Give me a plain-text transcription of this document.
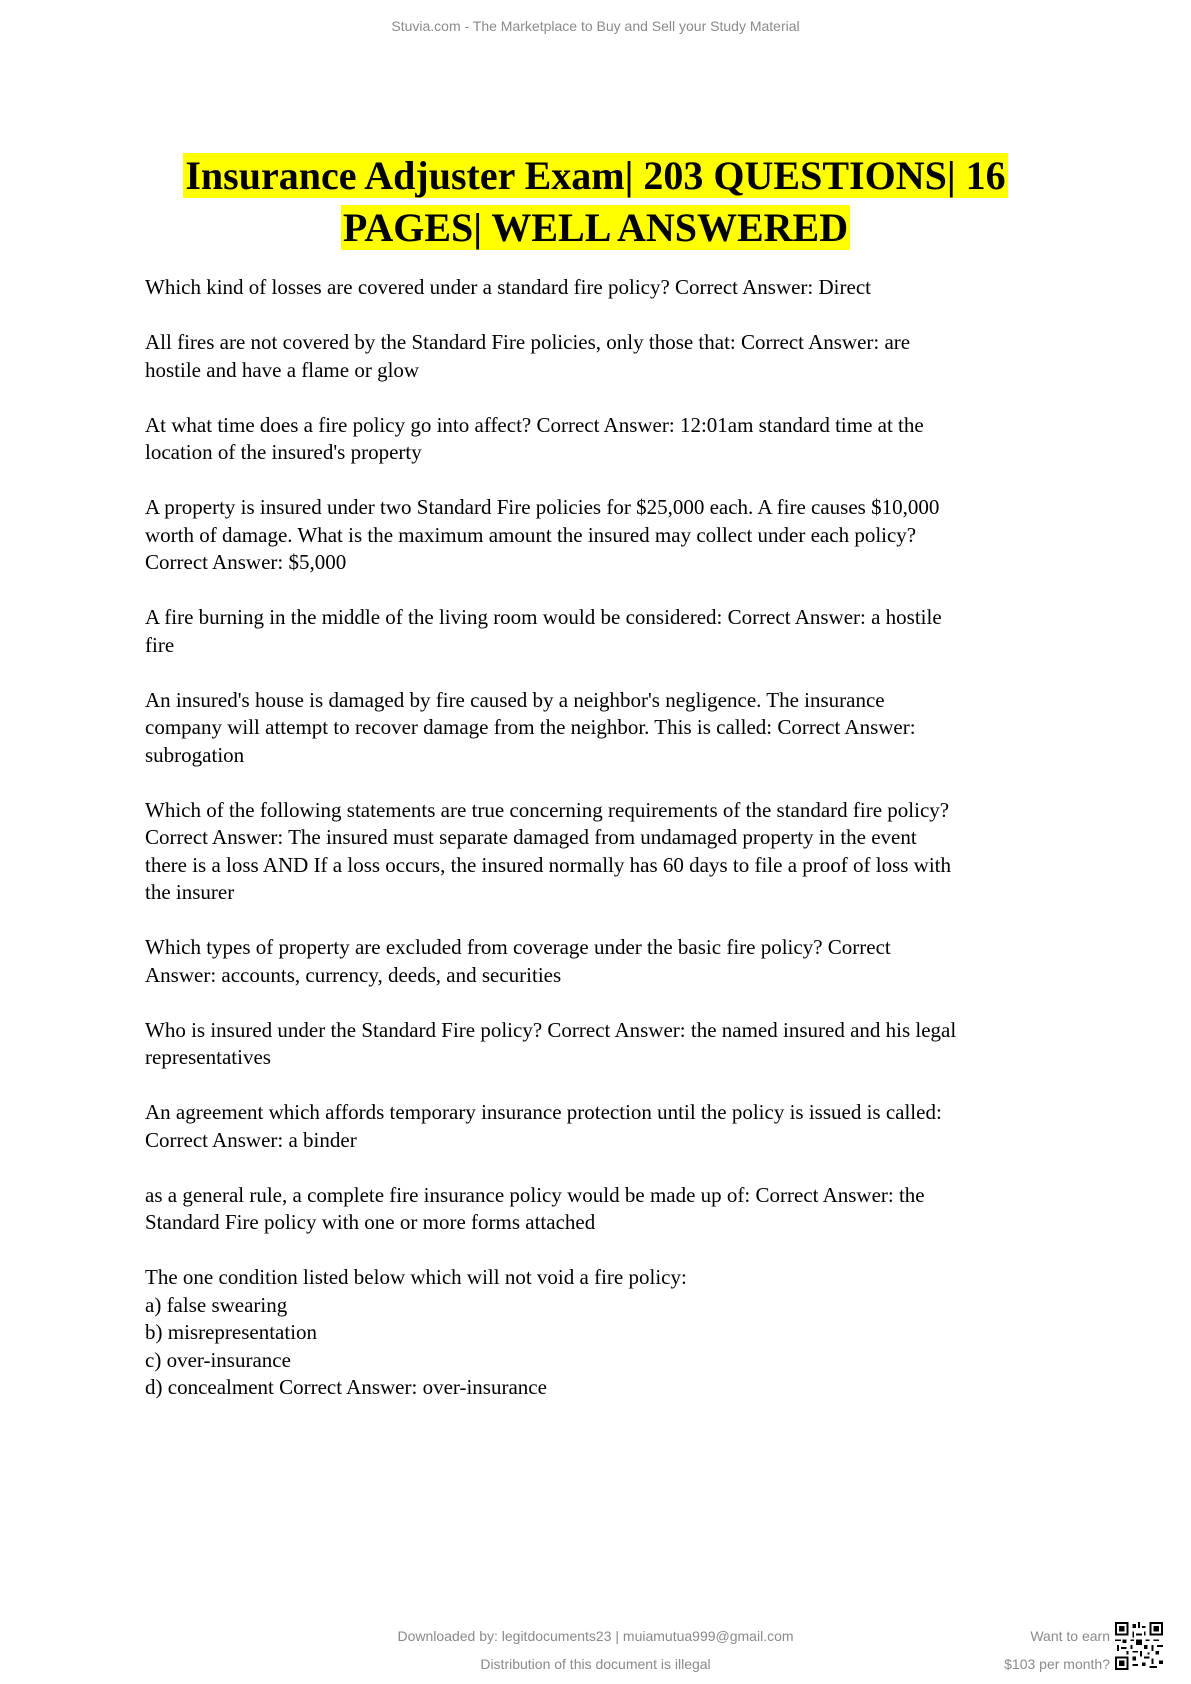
Stuvia.com - The Marketplace to Buy and Sell your Study Material
Insurance Adjuster Exam| 203 QUESTIONS| 16
PAGES| WELL ANSWERED
Which kind of losses are covered under a standard fire policy? Correct Answer: Direct
All fires are not covered by the Standard Fire policies, only those that: Correct Answer: are
hostile and have a flame or glow
At what time does a fire policy go into affect? Correct Answer: 12:01am standard time at the
location of the insured's property
A property is insured under two Standard Fire policies for $25,000 each. A fire causes $10,000
worth of damage. What is the maximum amount the insured may collect under each policy?
Correct Answer: $5,000
A fire burning in the middle of the living room would be considered: Correct Answer: a hostile
fire
An insured's house is damaged by fire caused by a neighbor's negligence. The insurance
company will attempt to recover damage from the neighbor. This is called: Correct Answer:
subrogation
Which of the following statements are true concerning requirements of the standard fire policy?
Correct Answer: The insured must separate damaged from undamaged property in the event
there is a loss AND If a loss occurs, the insured normally has 60 days to file a proof of loss with
the insurer
Which types of property are excluded from coverage under the basic fire policy? Correct
Answer: accounts, currency, deeds, and securities
Who is insured under the Standard Fire policy? Correct Answer: the named insured and his legal
representatives
An agreement which affords temporary insurance protection until the policy is issued is called:
Correct Answer: a binder
as a general rule, a complete fire insurance policy would be made up of: Correct Answer: the
Standard Fire policy with one or more forms attached
The one condition listed below which will not void a fire policy:
a) false swearing
b) misrepresentation
c) over-insurance
d) concealment Correct Answer: over-insurance
Downloaded by: legitdocuments23 | muiamutua999@gmail.com
Distribution of this document is illegal
Want to earn
$103 per month?
